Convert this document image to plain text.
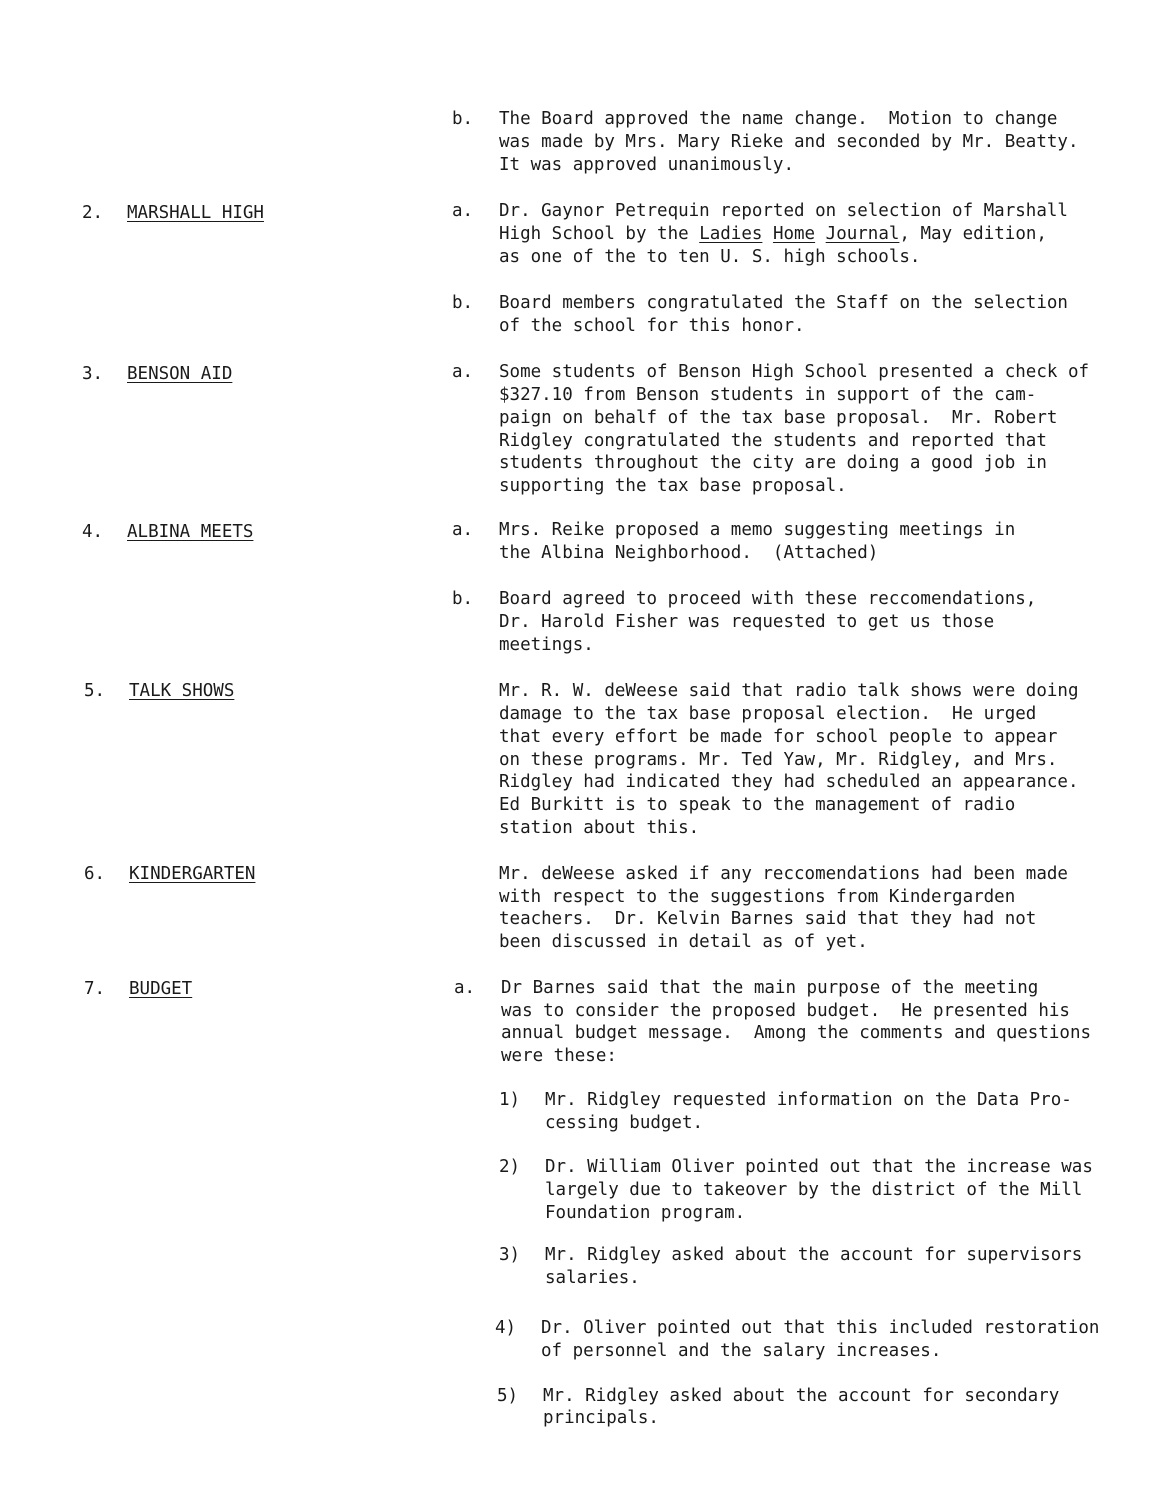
b. The Board approved the name change.  Motion to change

was made by Mrs. Mary Rieke and seconded by Mr. Beatty.

It was approved unanimously.

2. MARSHALL HIGH	a. Dr. Gaynor Petrequin reported on selection of Marshall

High School by the Ladies Home Journal, May edition,

as one of the to ten U. S. high schools.

b. Board members congratulated the Staff on the selection

of the school for this honor.

3. BENSON AID	a. Some students of Benson High School presented a check of

$327.10 from Benson students in support of the cam-

paign on behalf of the tax base proposal.  Mr. Robert

Ridgley congratulated the students and reported that

students throughout the city are doing a good job in

supporting the tax base proposal.

4. ALBINA MEETS	a. Mrs. Reike proposed a memo suggesting meetings in

the Albina Neighborhood.  (Attached)

b. Board agreed to proceed with these reccomendations,

Dr. Harold Fisher was requested to get us those

meetings.

5. TALK SHOWS	Mr. R. W. deWeese said that radio talk shows were doing

damage to the tax base proposal election.  He urged

that every effort be made for school people to appear

on these programs. Mr. Ted Yaw, Mr. Ridgley, and Mrs.

Ridgley had indicated they had scheduled an appearance.

Ed Burkitt is to speak to the management of radio

station about this.

6. KINDERGARTEN	Mr. deWeese asked if any reccomendations had been made

with respect to the suggestions from Kindergarden

teachers.  Dr. Kelvin Barnes said that they had not

been discussed in detail as of yet.

7. BUDGET	a. Dr Barnes said that the main purpose of the meeting

was to consider the proposed budget.  He presented his

annual budget message.  Among the comments and questions

were these:

1) Mr. Ridgley requested information on the Data Pro-

cessing budget.

2) Dr. William Oliver pointed out that the increase was

largely due to takeover by the district of the Mill

Foundation program.

3) Mr. Ridgley asked about the account for supervisors

salaries.

4) Dr. Oliver pointed out that this included restoration

of personnel and the salary increases.

5) Mr. Ridgley asked about the account for secondary

principals.
